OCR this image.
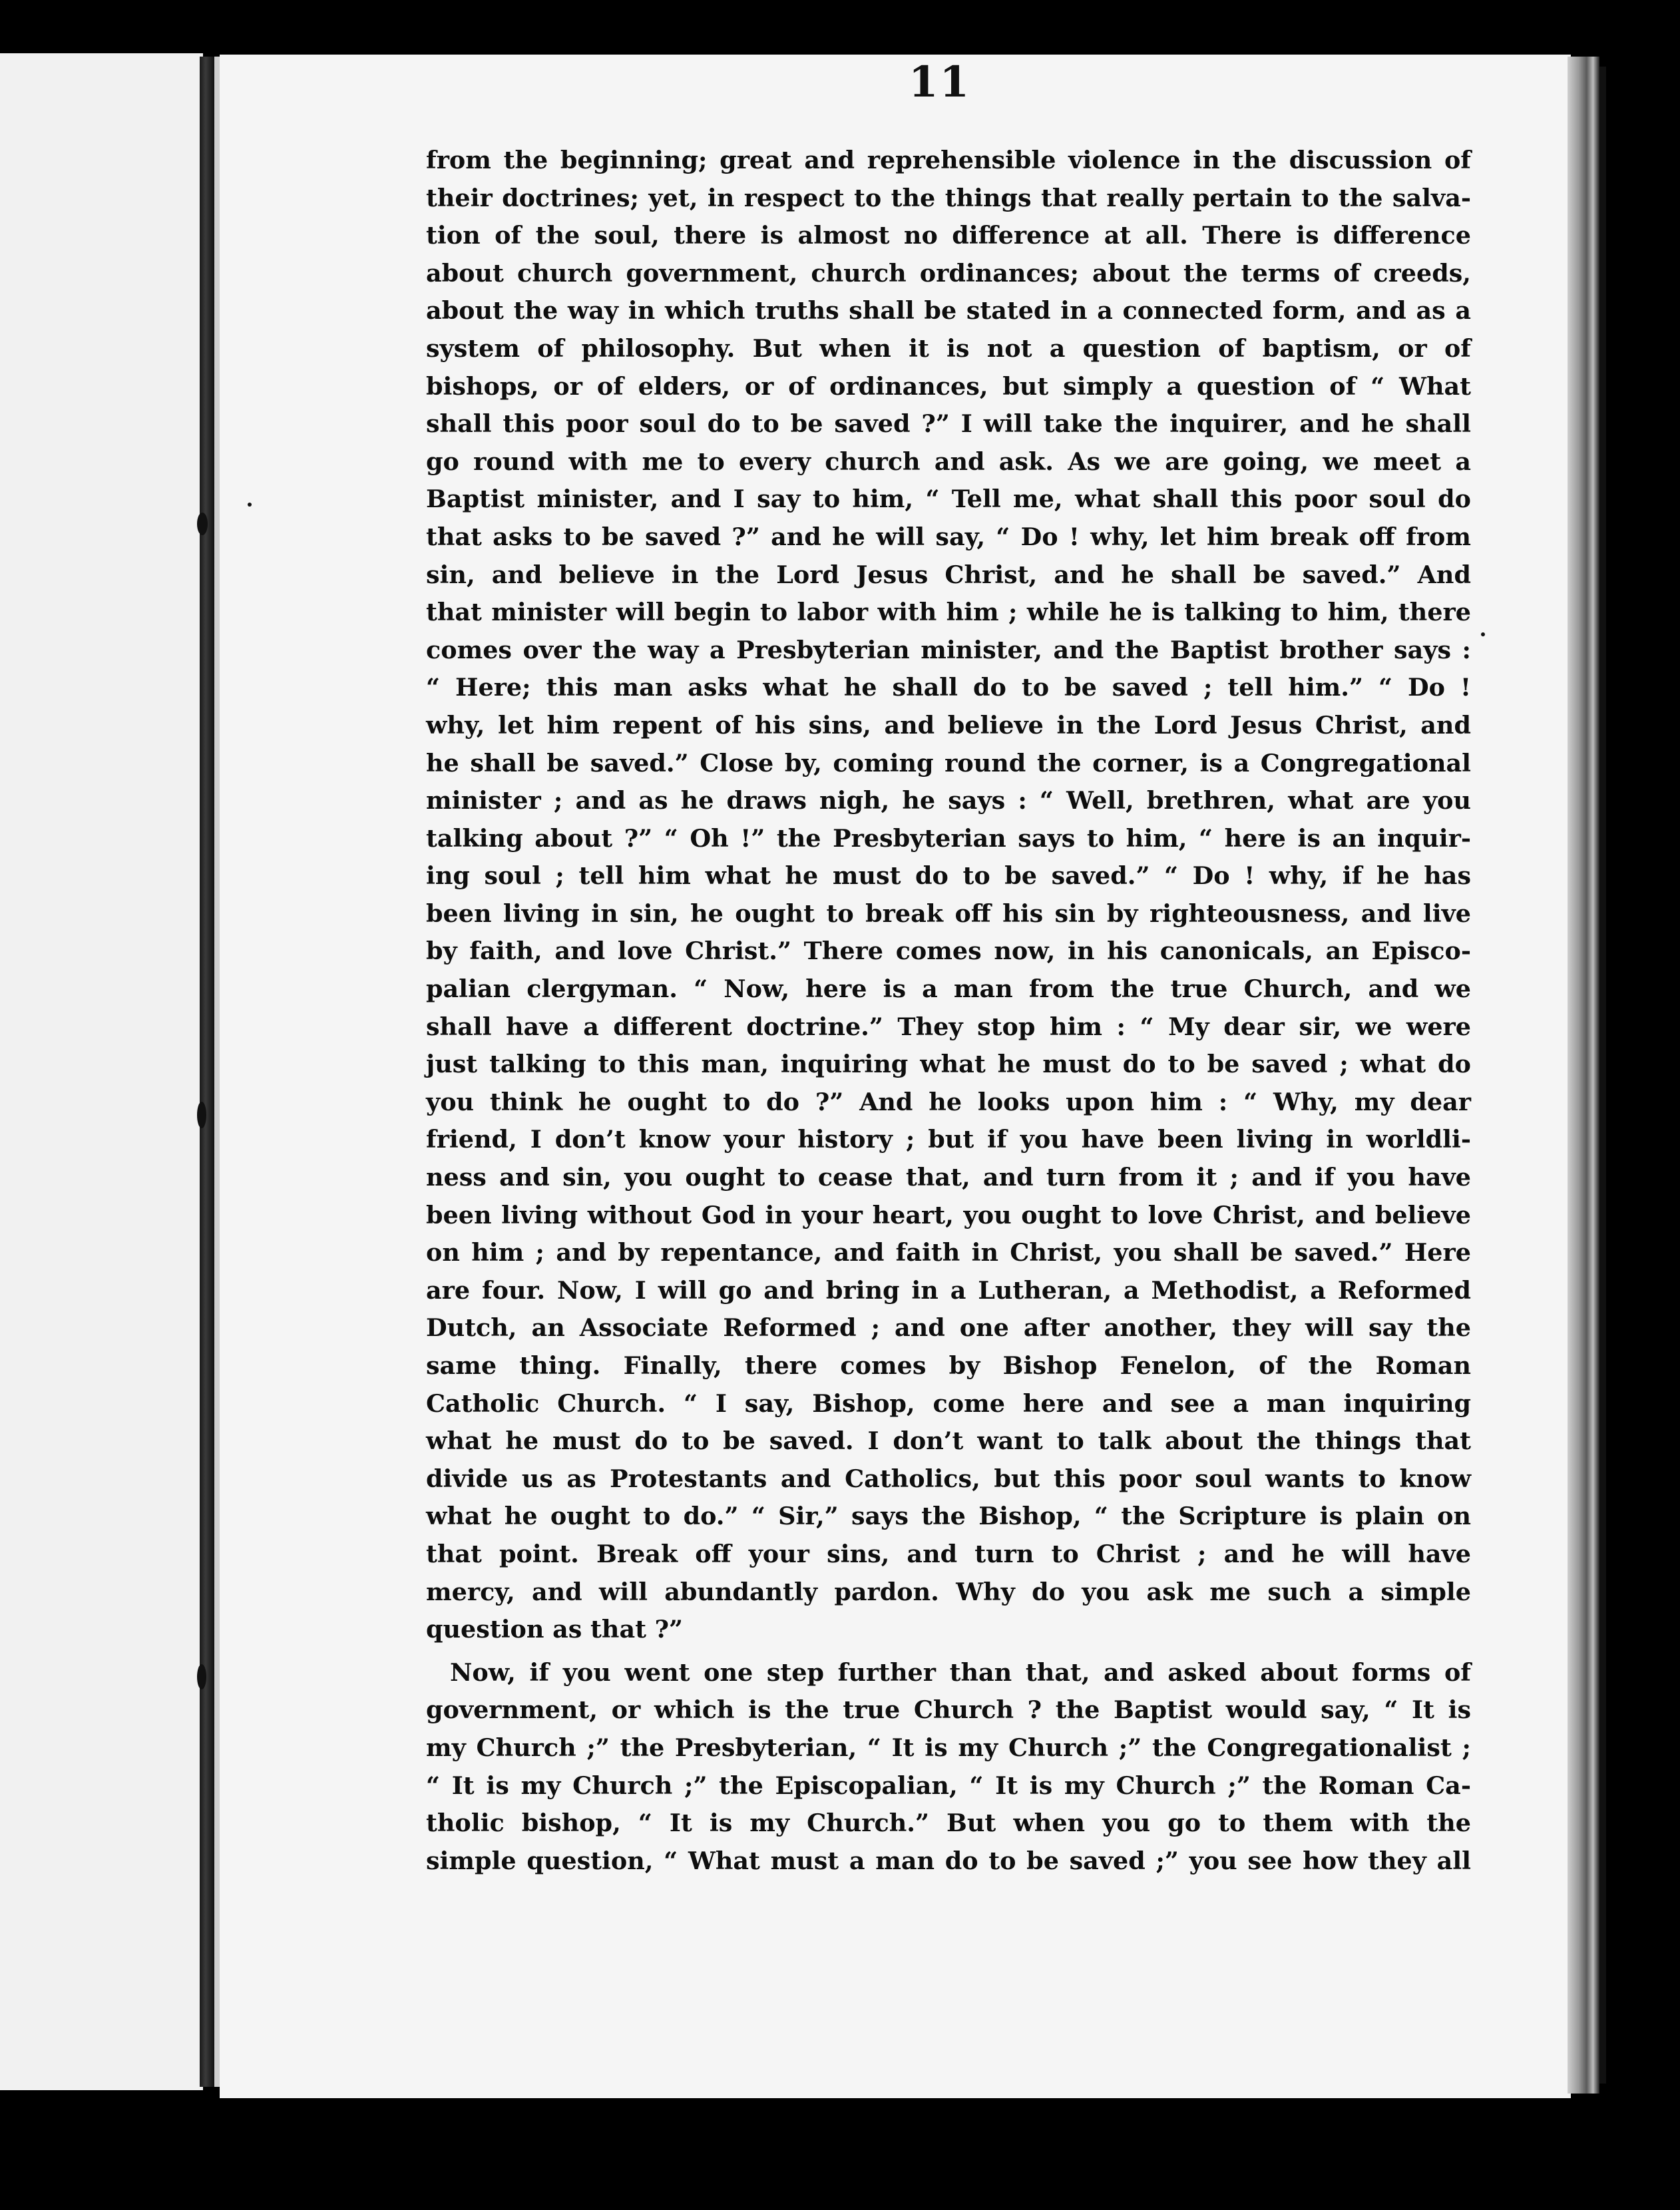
11
from the beginning; great and reprehensible violence in the discussion of
their doctrines; yet, in respect to the things that really pertain to the salva-
tion of the soul, there is almost no difference at all. There is difference
about church government, church ordinances; about the terms of creeds,
about the way in which truths shall be stated in a connected form, and as a
system of philosophy. But when it is not a question of baptism, or of
bishops, or of elders, or of ordinances, but simply a question of “ What
shall this poor soul do to be saved ?” I will take the inquirer, and he shall
go round with me to every church and ask. As we are going, we meet a
Baptist minister, and I say to him, “ Tell me, what shall this poor soul do
that asks to be saved ?” and he will say, “ Do ! why, let him break off from
sin, and believe in the Lord Jesus Christ, and he shall be saved.” And
that minister will begin to labor with him ; while he is talking to him, there
comes over the way a Presbyterian minister, and the Baptist brother says :
“ Here; this man asks what he shall do to be saved ; tell him.” “ Do !
why, let him repent of his sins, and believe in the Lord Jesus Christ, and
he shall be saved.” Close by, coming round the corner, is a Congregational
minister ; and as he draws nigh, he says : “ Well, brethren, what are you
talking about ?” “ Oh !” the Presbyterian says to him, “ here is an inquir-
ing soul ; tell him what he must do to be saved.” “ Do ! why, if he has
been living in sin, he ought to break off his sin by righteousness, and live
by faith, and love Christ.” There comes now, in his canonicals, an Episco-
palian clergyman. “ Now, here is a man from the true Church, and we
shall have a different doctrine.” They stop him : “ My dear sir, we were
just talking to this man, inquiring what he must do to be saved ; what do
you think he ought to do ?” And he looks upon him : “ Why, my dear
friend, I don’t know your history ; but if you have been living in worldli-
ness and sin, you ought to cease that, and turn from it ; and if you have
been living without God in your heart, you ought to love Christ, and believe
on him ; and by repentance, and faith in Christ, you shall be saved.” Here
are four. Now, I will go and bring in a Lutheran, a Methodist, a Reformed
Dutch, an Associate Reformed ; and one after another, they will say the
same thing. Finally, there comes by Bishop Fenelon, of the Roman
Catholic Church. “ I say, Bishop, come here and see a man inquiring
what he must do to be saved. I don’t want to talk about the things that
divide us as Protestants and Catholics, but this poor soul wants to know
what he ought to do.” “ Sir,” says the Bishop, “ the Scripture is plain on
that point. Break off your sins, and turn to Christ ; and he will have
mercy, and will abundantly pardon. Why do you ask me such a simple
question as that ?”
Now, if you went one step further than that, and asked about forms of
government, or which is the true Church ? the Baptist would say, “ It is
my Church ;” the Presbyterian, “ It is my Church ;” the Congregationalist ;
“ It is my Church ;” the Episcopalian, “ It is my Church ;” the Roman Ca-
tholic bishop, “ It is my Church.” But when you go to them with the
simple question, “ What must a man do to be saved ;” you see how they all
